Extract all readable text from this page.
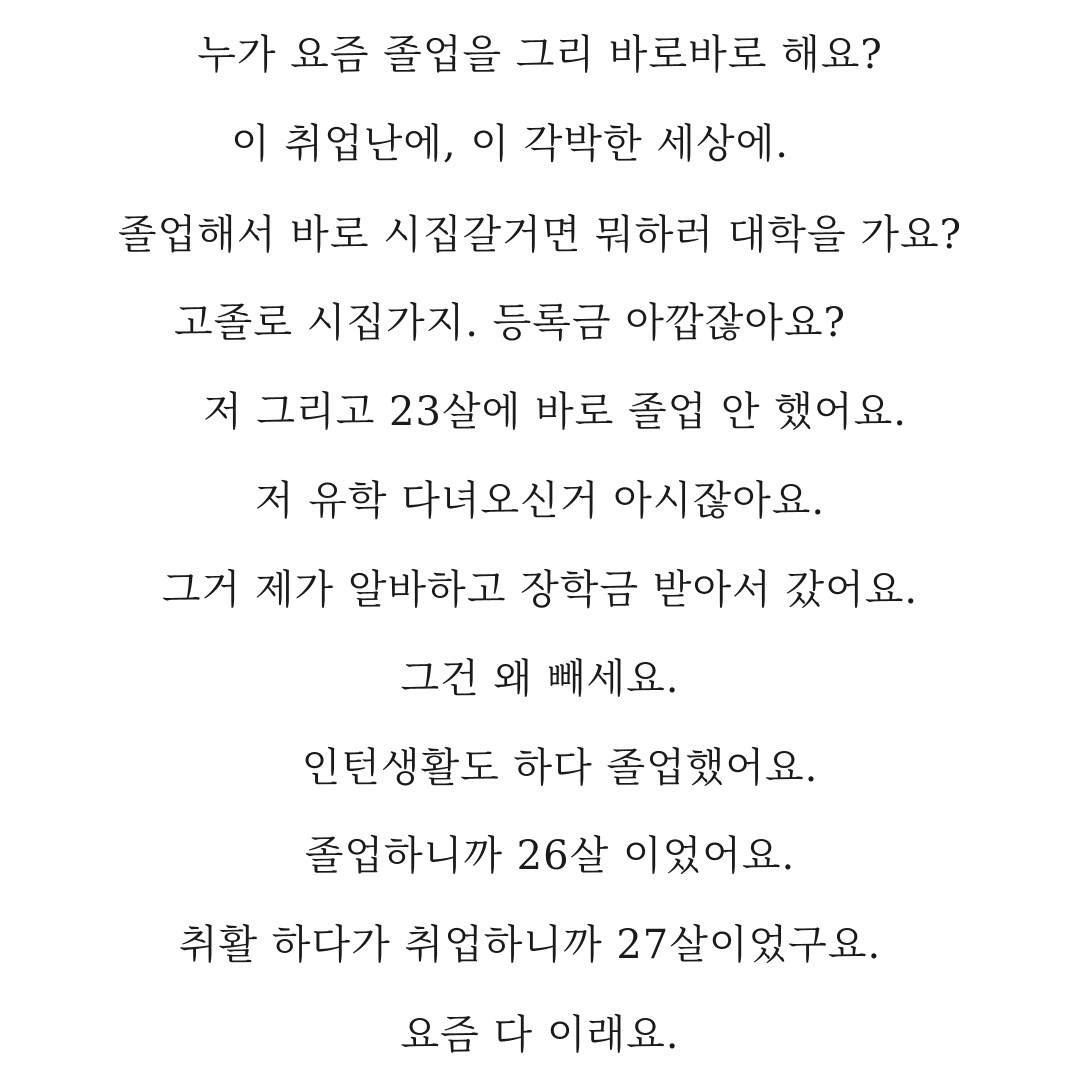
누가 요즘 졸업을 그리 바로바로 해요?
이 취업난에, 이 각박한 세상에.
졸업해서 바로 시집갈거면 뭐하러 대학을 가요?
고졸로 시집가지. 등록금 아깝잖아요?
저 그리고 23살에 바로 졸업 안 했어요.
저 유학 다녀오신거 아시잖아요.
그거 제가 알바하고 장학금 받아서 갔어요.
그건 왜 빼세요.
인턴생활도 하다 졸업했어요.
졸업하니까 26살 이었어요.
취활 하다가 취업하니까 27살이었구요.
요즘 다 이래요.
